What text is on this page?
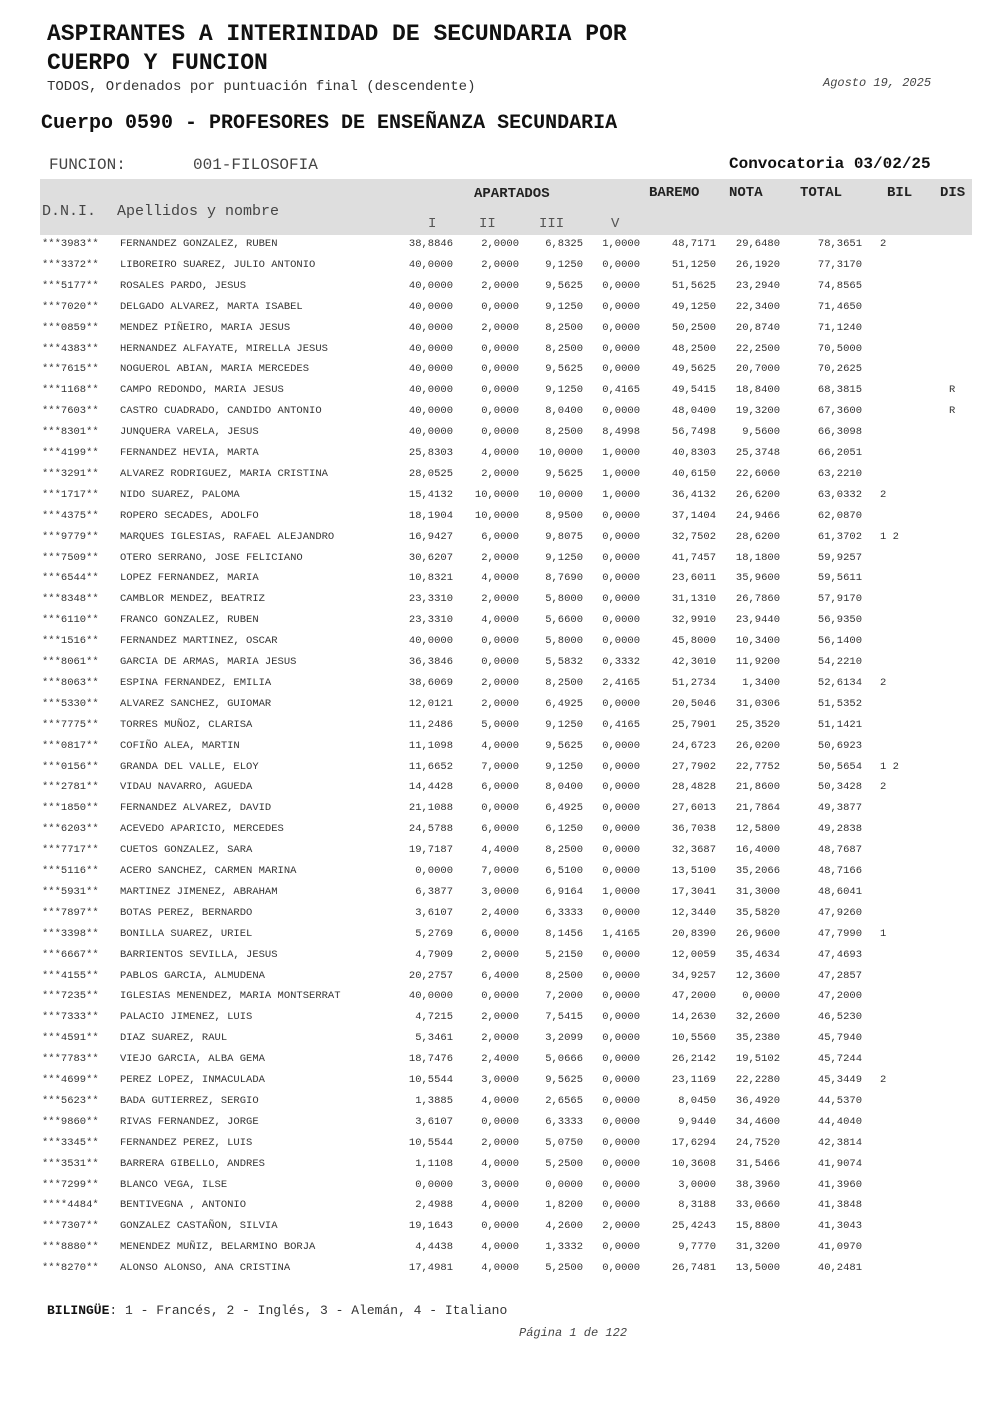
ASPIRANTES A INTERINIDAD DE SECUNDARIA POR
CUERPO Y FUNCION
TODOS, Ordenados por puntuación final (descendente)	Agosto 19, 2025
Cuerpo 0590 - PROFESORES DE ENSEÑANZA SECUNDARIA
FUNCION:	001-FILOSOFIA	Convocatoria 03/02/25
D.N.I. Apellidos y nombre
APARTADOS
I	II	III	V
BAREMO NOTA	TOTAL	BIL DIS
***3983** FERNANDEZ GONZALEZ, RUBEN	38,8846	2,0000 6,8325 1,0000	48,7171 29,6480	78,3651 2
***3372** LIBOREIRO SUAREZ, JULIO ANTONIO	40,0000	2,0000 9,1250 0,0000	51,1250 26,1920	77,3170
***5177** ROSALES PARDO, JESUS	40,0000	2,0000 9,5625 0,0000	51,5625 23,2940	74,8565
***7020** DELGADO ALVAREZ, MARTA ISABEL	40,0000	0,0000 9,1250 0,0000	49,1250 22,3400	71,4650
***0859** MENDEZ PIÑEIRO, MARIA JESUS	40,0000	2,0000 8,2500 0,0000	50,2500 20,8740	71,1240
***4383** HERNANDEZ ALFAYATE, MIRELLA JESUS	40,0000	0,0000 8,2500 0,0000	48,2500 22,2500	70,5000
***7615** NOGUEROL ABIAN, MARIA MERCEDES	40,0000	0,0000 9,5625 0,0000	49,5625 20,7000	70,2625
***1168** CAMPO REDONDO, MARIA JESUS	40,0000	0,0000 9,1250 0,4165	49,5415 18,8400	68,3815	R
***7603** CASTRO CUADRADO, CANDIDO ANTONIO	40,0000	0,0000 8,0400 0,0000	48,0400 19,3200	67,3600	R
***8301** JUNQUERA VARELA, JESUS	40,0000	0,0000 8,2500 8,4998	56,7498 9,5600	66,3098
***4199** FERNANDEZ HEVIA, MARTA	25,8303	4,0000 10,0000 1,0000	40,8303 25,3748	66,2051
***3291** ALVAREZ RODRIGUEZ, MARIA CRISTINA	28,0525	2,0000 9,5625 1,0000	40,6150 22,6060	63,2210
***1717** NIDO SUAREZ, PALOMA	15,4132 10,0000 10,0000 1,0000	36,4132 26,6200	63,0332 2
***4375** ROPERO SECADES, ADOLFO	18,1904 10,0000 8,9500 0,0000	37,1404 24,9466	62,0870
***9779** MARQUES IGLESIAS, RAFAEL ALEJANDRO	16,9427	6,0000 9,8075 0,0000	32,7502 28,6200	61,3702 1 2
***7509** OTERO SERRANO, JOSE FELICIANO	30,6207	2,0000 9,1250 0,0000	41,7457 18,1800	59,9257
***6544** LOPEZ FERNANDEZ, MARIA	10,8321	4,0000 8,7690 0,0000	23,6011 35,9600	59,5611
***8348** CAMBLOR MENDEZ, BEATRIZ	23,3310	2,0000 5,8000 0,0000	31,1310 26,7860	57,9170
***6110** FRANCO GONZALEZ, RUBEN	23,3310	4,0000 5,6600 0,0000	32,9910 23,9440	56,9350
***1516** FERNANDEZ MARTINEZ, OSCAR	40,0000	0,0000 5,8000 0,0000	45,8000 10,3400	56,1400
***8061** GARCIA DE ARMAS, MARIA JESUS	36,3846	0,0000 5,5832 0,3332	42,3010 11,9200	54,2210
***8063** ESPINA FERNANDEZ, EMILIA	38,6069	2,0000 8,2500 2,4165	51,2734 1,3400	52,6134 2
***5330** ALVAREZ SANCHEZ, GUIOMAR	12,0121	2,0000 6,4925 0,0000	20,5046 31,0306	51,5352
***7775** TORRES MUÑOZ, CLARISA	11,2486	5,0000 9,1250 0,4165	25,7901 25,3520	51,1421
***0817** COFIÑO ALEA, MARTIN	11,1098	4,0000 9,5625 0,0000	24,6723 26,0200	50,6923
***0156** GRANDA DEL VALLE, ELOY	11,6652	7,0000 9,1250 0,0000	27,7902 22,7752	50,5654 1 2
***2781** VIDAU NAVARRO, AGUEDA	14,4428	6,0000 8,0400 0,0000	28,4828 21,8600	50,3428 2
***1850** FERNANDEZ ALVAREZ, DAVID	21,1088	0,0000 6,4925 0,0000	27,6013 21,7864	49,3877
***6203** ACEVEDO APARICIO, MERCEDES	24,5788	6,0000 6,1250 0,0000	36,7038 12,5800	49,2838
***7717** CUETOS GONZALEZ, SARA	19,7187	4,4000 8,2500 0,0000	32,3687 16,4000	48,7687
***5116** ACERO SANCHEZ, CARMEN MARINA	0,0000	7,0000 6,5100 0,0000	13,5100 35,2066	48,7166
***5931** MARTINEZ JIMENEZ, ABRAHAM	6,3877	3,0000 6,9164 1,0000	17,3041 31,3000	48,6041
***7897** BOTAS PEREZ, BERNARDO	3,6107	2,4000 6,3333 0,0000	12,3440 35,5820	47,9260
***3398** BONILLA SUAREZ, URIEL	5,2769	6,0000 8,1456 1,4165	20,8390 26,9600	47,7990 1
***6667** BARRIENTOS SEVILLA, JESUS	4,7909	2,0000 5,2150 0,0000	12,0059 35,4634	47,4693
***4155** PABLOS GARCIA, ALMUDENA	20,2757	6,4000 8,2500 0,0000	34,9257 12,3600	47,2857
***7235** IGLESIAS MENENDEZ, MARIA MONTSERRAT	40,0000	0,0000 7,2000 0,0000	47,2000 0,0000	47,2000
***7333** PALACIO JIMENEZ, LUIS	4,7215	2,0000 7,5415 0,0000	14,2630 32,2600	46,5230
***4591** DIAZ SUAREZ, RAUL	5,3461	2,0000 3,2099 0,0000	10,5560 35,2380	45,7940
***7783** VIEJO GARCIA, ALBA GEMA	18,7476	2,4000 5,0666 0,0000	26,2142 19,5102	45,7244
***4699** PEREZ LOPEZ, INMACULADA	10,5544	3,0000 9,5625 0,0000	23,1169 22,2280	45,3449 2
***5623** BADA GUTIERREZ, SERGIO	1,3885	4,0000 2,6565 0,0000	8,0450 36,4920	44,5370
***9860** RIVAS FERNANDEZ, JORGE	3,6107	0,0000 6,3333 0,0000	9,9440 34,4600	44,4040
***3345** FERNANDEZ PEREZ, LUIS	10,5544	2,0000 5,0750 0,0000	17,6294 24,7520	42,3814
***3531** BARRERA GIBELLO, ANDRES	1,1108	4,0000 5,2500 0,0000	10,3608 31,5466	41,9074
***7299** BLANCO VEGA, ILSE	0,0000	3,0000 0,0000 0,0000	3,0000 38,3960	41,3960
****4484* BENTIVEGNA , ANTONIO	2,4988	4,0000 1,8200 0,0000	8,3188 33,0660	41,3848
***7307** GONZALEZ CASTAÑON, SILVIA	19,1643	0,0000 4,2600 2,0000	25,4243 15,8800	41,3043
***8880** MENENDEZ MUÑIZ, BELARMINO BORJA	4,4438	4,0000 1,3332 0,0000	9,7770 31,3200	41,0970
***8270** ALONSO ALONSO, ANA CRISTINA	17,4981	4,0000 5,2500 0,0000	26,7481 13,5000	40,2481
BILINGÜE: 1 - Francés, 2 - Inglés, 3 - Alemán, 4 - Italiano
Página 1 de 122
